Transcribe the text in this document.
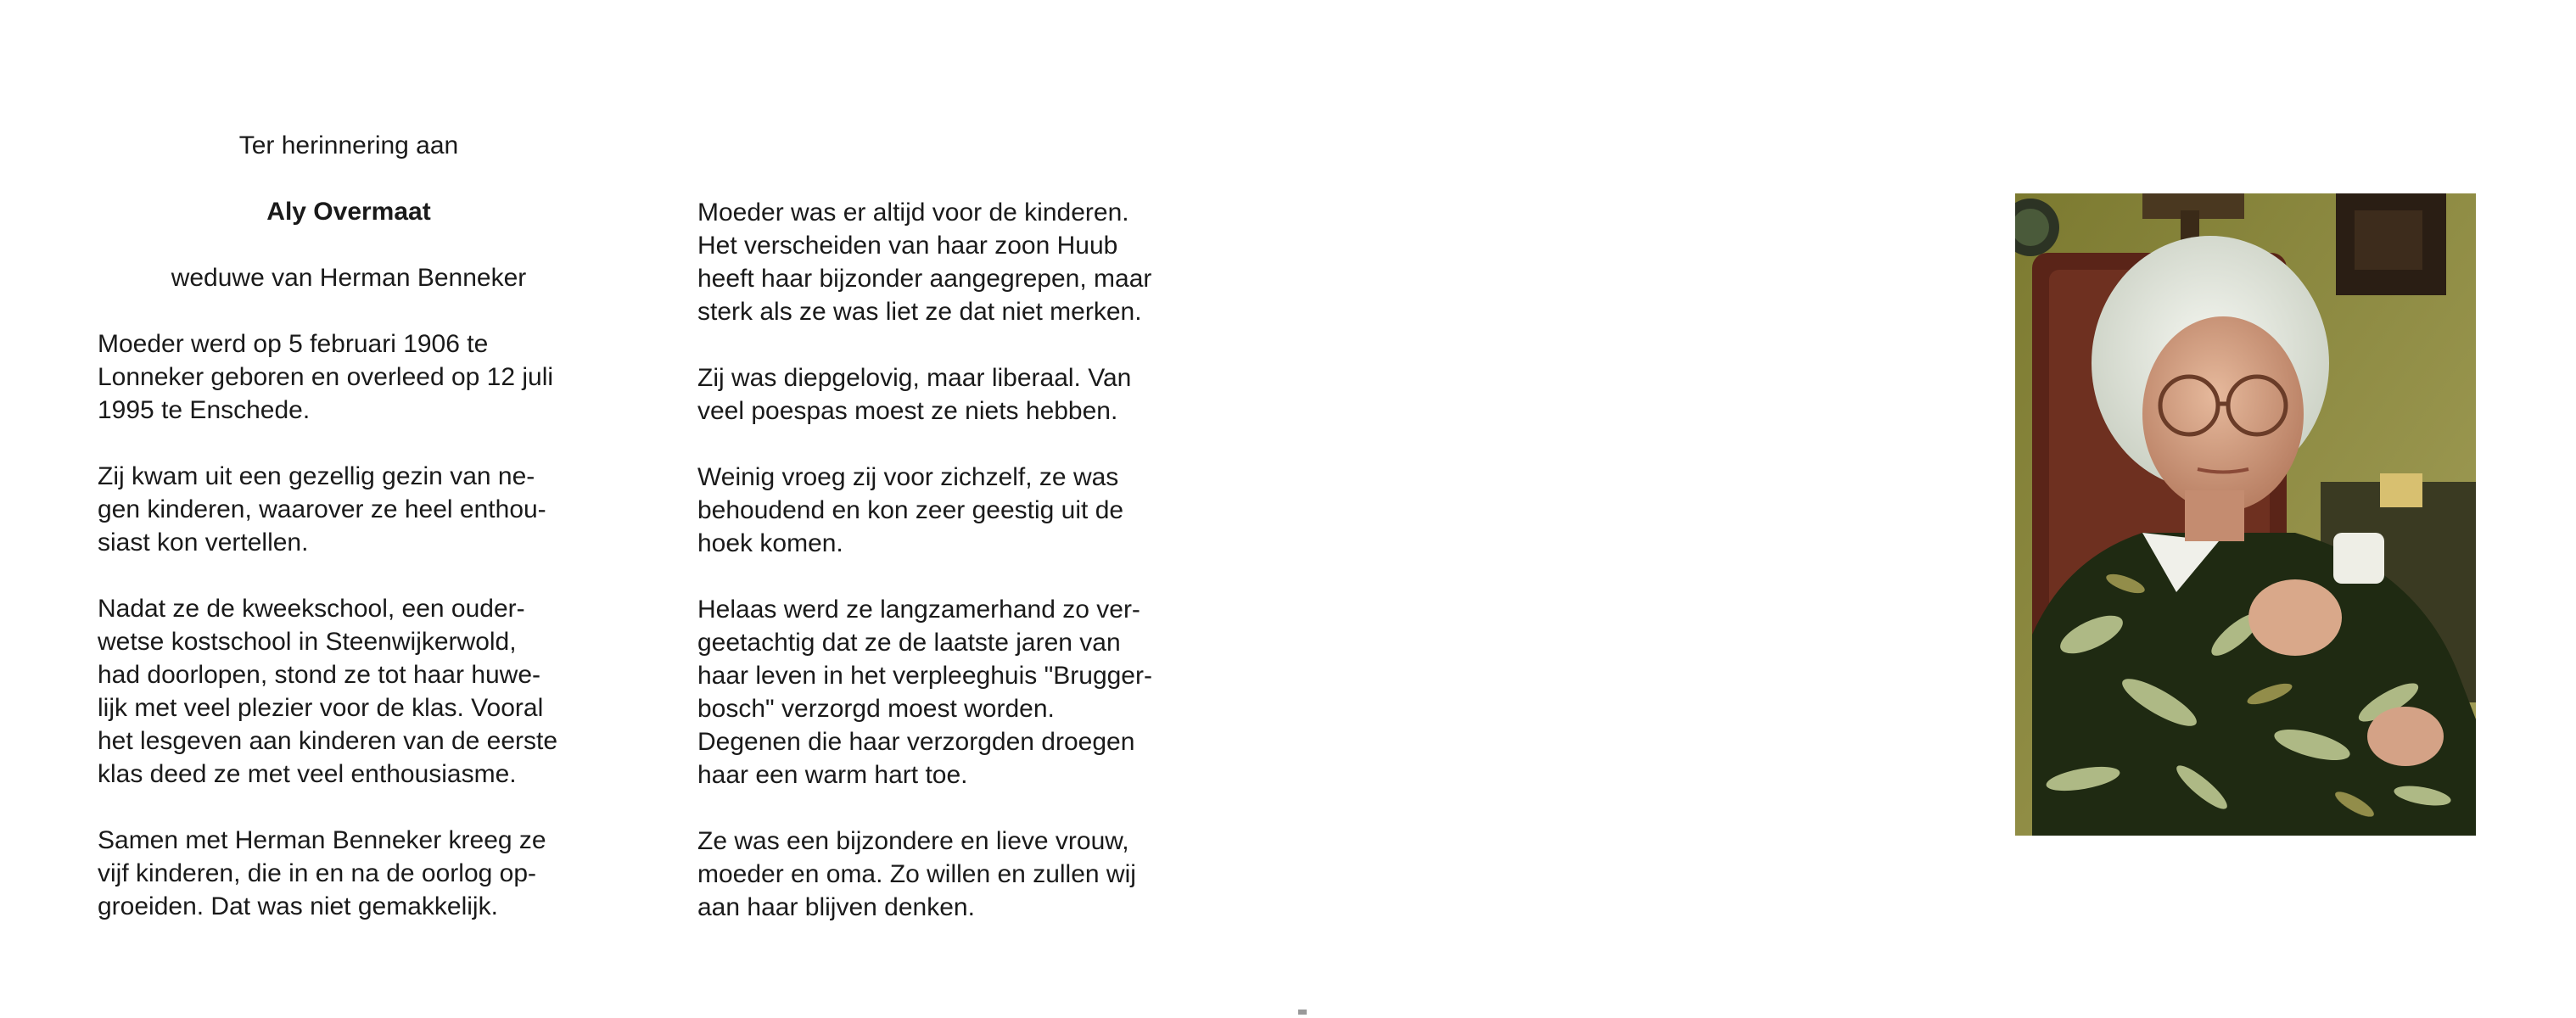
Ter herinnering aan

Aly Overmaat

weduwe van Herman Benneker

Moeder werd op 5 februari 1906 te
Lonneker geboren en overleed op 12 juli
1995 te Enschede.

Zij kwam uit een gezellig gezin van ne-
gen kinderen, waarover ze heel enthou-
siast kon vertellen.

Nadat ze de kweekschool, een ouder-
wetse kostschool in Steenwijkerwold,
had doorlopen, stond ze tot haar huwe-
lijk met veel plezier voor de klas. Vooral
het lesgeven aan kinderen van de eerste
klas deed ze met veel enthousiasme.

Samen met Herman Benneker kreeg ze
vijf kinderen, die in en na de oorlog op-
groeiden. Dat was niet gemakkelijk.

Moeder was er altijd voor de kinderen.
Het verscheiden van haar zoon Huub
heeft haar bijzonder aangegrepen, maar
sterk als ze was liet ze dat niet merken.

Zij was diepgelovig, maar liberaal. Van
veel poespas moest ze niets hebben.

Weinig vroeg zij voor zichzelf, ze was
behoudend en kon zeer geestig uit de
hoek komen.

Helaas werd ze langzamerhand zo ver-
geetachtig dat ze de laatste jaren van
haar leven in het verpleeghuis "Brugger-
bosch" verzorgd moest worden.

Degenen die haar verzorgden droegen
haar een warm hart toe.

Ze was een bijzondere en lieve vrouw,
moeder en oma. Zo willen en zullen wij
aan haar blijven denken.
